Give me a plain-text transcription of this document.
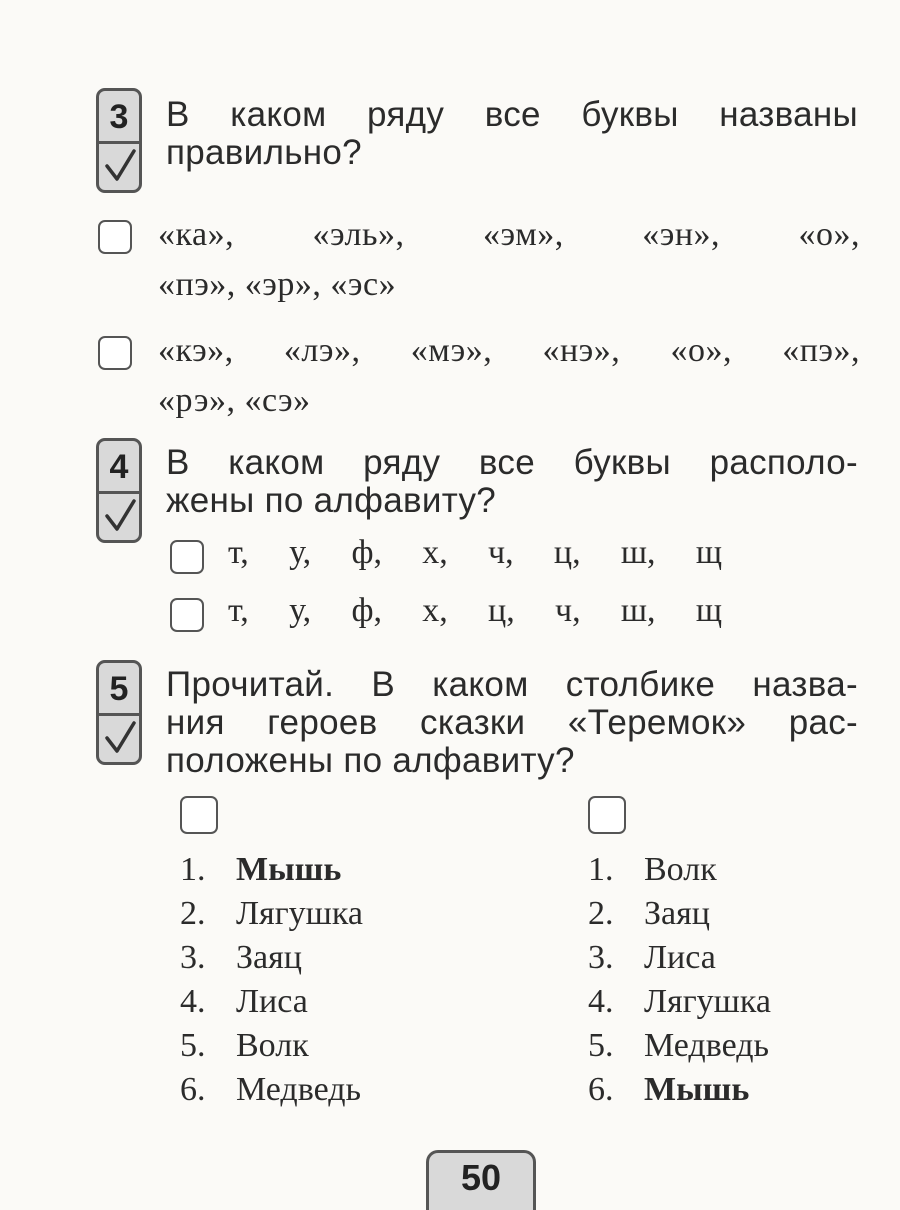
3	В каком ряду все буквы названы
правильно?
«ка», «эль», «эм», «эн», «о»,
«пэ», «эр», «эс»
«кэ», «лэ», «мэ», «нэ», «о», «пэ»,
«рэ», «сэ»
4	В каком ряду все буквы располо-
жены по алфавиту?
т, у, ф, х, ч, ц, ш, щ
т, у, ф, х, ц, ч, ш, щ
5	Прочитай. В каком столбике назва-
ния героев сказки «Теремок» рас-
положены по алфавиту?
1. Мышь
2. Лягушка
3. Заяц
4. Лиса
5. Волк
6. Медведь
1. Волк
2. Заяц
3. Лиса
4. Лягушка
5. Медведь
6. Мышь
50
